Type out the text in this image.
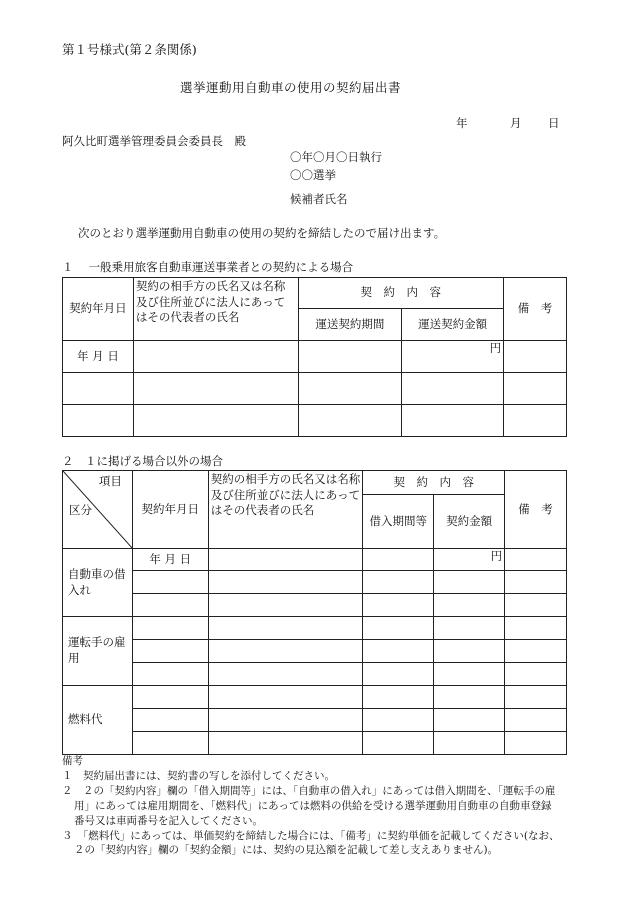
第１号様式(第２条関係)
選挙運動用自動車の使用の契約届出書
年	月 日
阿久比町選挙管理委員会委員長　殿
〇年〇月〇日執行
〇〇選挙
候補者氏名
次のとおり選挙運動用自動車の使用の契約を締結したので届け出ます。
１　 一般乗用旅客自動車運送事業者との契約による場合
契約年月日	契約の相手方の氏名又は名称及び住所並びに法人にあってはその代表者の氏名	契　約　内　容		備　考
		運送契約期間	運送契約金額	
年 月 日			円	

２　１に掲げる場合以外の場合
項目
区分	契約年月日	契約の相手方の氏名又は名称及び住所並びに法人にあってはその代表者の氏名	契　約　内　容		備　考
			借入期間等	契約金額	
自動車の借入れ	年 月 日			円	

運転手の雇用					

燃料代					

備考

１　契約届出書には、契約書の写しを添付してください。

２　２の「契約内容」欄の「借入期間等」には、「自動車の借入れ」にあっては借入期間を、「運転手の雇用」にあっては雇用期間を、「燃料代」にあっては燃料の供給を受ける選挙運動用自動車の自動車登録番号又は車両番号を記入してください。

３　「燃料代」にあっては、単価契約を締結した場合には、「備考」に契約単価を記載してください(なお、２の「契約内容」欄の「契約金額」には、契約の見込額を記載して差し支えありません)。
